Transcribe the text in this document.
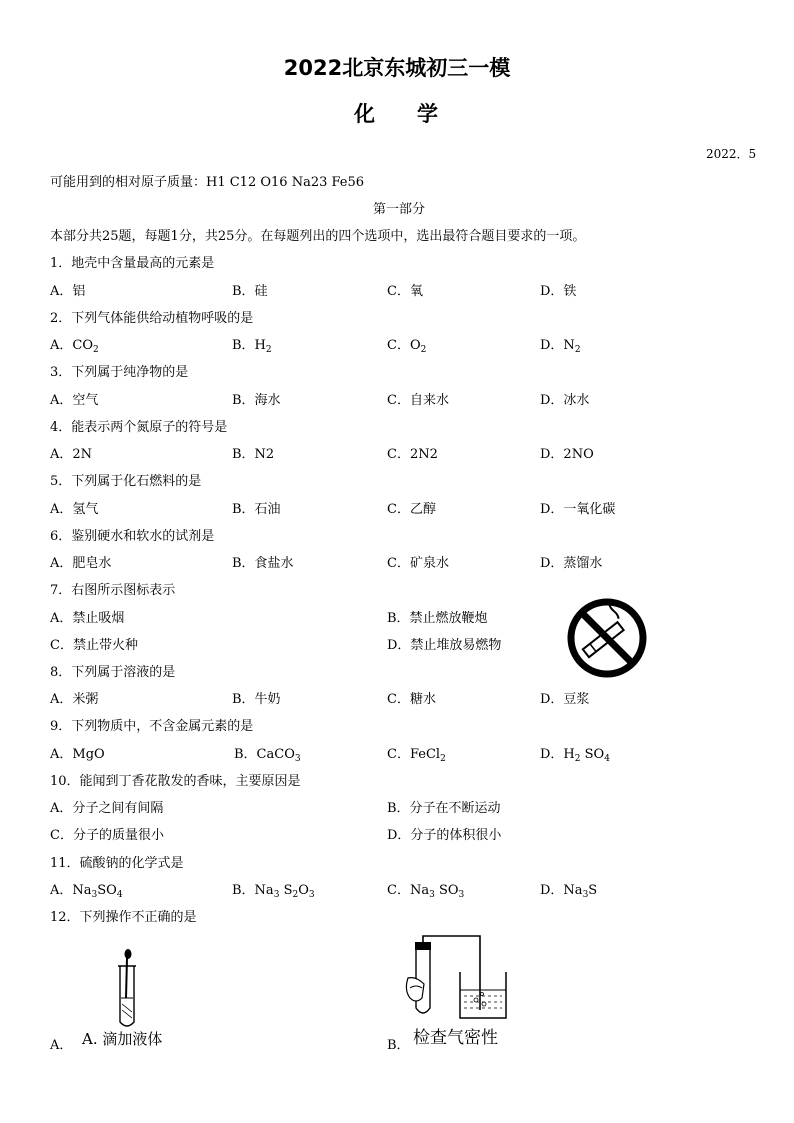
2022北京东城初三一模
化学
2022．5
可能用到的相对原子质量：H1 C12 O16 Na23 Fe56
第一部分
本部分共25题，每题1分，共25分。在每题列出的四个选项中，选出最符合题目要求的一项。
1．地壳中含量最高的元素是
A．铝	B．硅	C．氧	D．铁
2．下列气体能供给动植物呼吸的是
A．$CO_2$	B．$H_2$	C．$O_2$	D．$N_2$
3．下列属于纯净物的是
A．空气	B．海水	C．自来水	D．冰水
4．能表示两个氮原子的符号是
A．2N	B．N2	C．2N2	D．2NO
5．下列属于化石燃料的是
A．氢气	B．石油	C．乙醇	D．一氧化碳
6．鉴别硬水和软水的试剂是
A．肥皂水	B．食盐水	C．矿泉水	D．蒸馏水
7．右图所示图标表示
A．禁止吸烟	B．禁止燃放鞭炮
C．禁止带火种	D．禁止堆放易燃物
8．下列属于溶液的是
A．米粥	B．牛奶	C．糖水	D．豆浆
9．下列物质中，不含金属元素的是
A．MgO	B．CaCO$_3$	C．FeCl$_2$	D．$H_2$ $SO_4$
10．能闻到丁香花散发的香味，主要原因是
A．分子之间有间隔	B．分子在不断运动
C．分子的质量很小	D．分子的体积很小
11．硫酸钠的化学式是
A．$Na_3SO_4$	B．$Na_3$ $S_2O_3$	C．$Na_3$ $SO_3$	D．$Na_3S$
12．下列操作不正确的是
A． A. 滴加液体	B． 检查气密性
